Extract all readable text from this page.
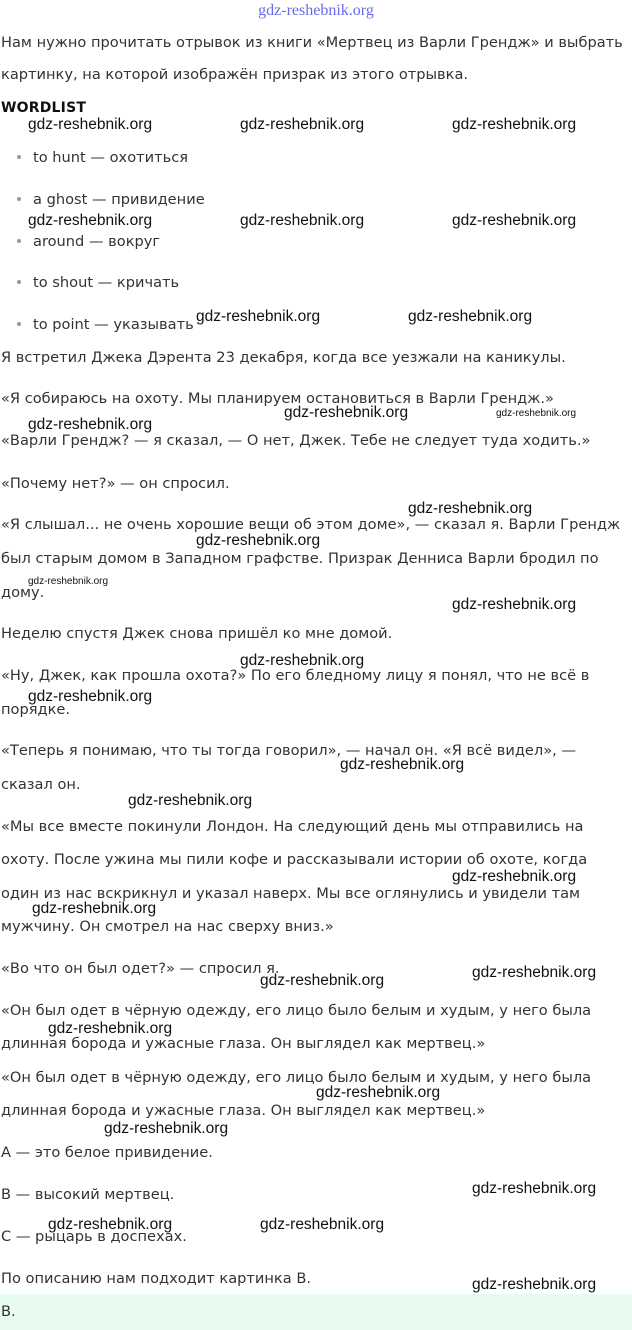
gdz-reshebnik.org
Нам нужно прочитать отрывок из книги «Мертвец из Варли Грендж» и выбрать
картинку, на которой изображён призрак из этого отрывка.
WORDLIST
to hunt — охотиться
a ghost — привидение
around — вокруг
to shout — кричать
to point — указывать
Я встретил Джека Дэрента 23 декабря, когда все уезжали на каникулы.
«Я собираюсь на охоту. Мы планируем остановиться в Варли Грендж.»
«Варли Грендж? — я сказал, — О нет, Джек. Тебе не следует туда ходить.»
«Почему нет?» — он спросил.
«Я слышал... не очень хорошие вещи об этом доме», — сказал я. Варли Грендж
был старым домом в Западном графстве. Призрак Денниса Варли бродил по
дому.
Неделю спустя Джек снова пришёл ко мне домой.
«Ну, Джек, как прошла охота?» По его бледному лицу я понял, что не всё в
порядке.
«Теперь я понимаю, что ты тогда говорил», — начал он. «Я всё видел», —
сказал он.
«Мы все вместе покинули Лондон. На следующий день мы отправились на
охоту. После ужина мы пили кофе и рассказывали истории об охоте, когда
один из нас вскрикнул и указал наверх. Мы все оглянулись и увидели там
мужчину. Он смотрел на нас сверху вниз.»
«Во что он был одет?» — спросил я.
«Он был одет в чёрную одежду, его лицо было белым и худым, у него была
длинная борода и ужасные глаза. Он выглядел как мертвец.»
«Он был одет в чёрную одежду, его лицо было белым и худым, у него была
длинная борода и ужасные глаза. Он выглядел как мертвец.»
A — это белое привидение.
B — высокий мертвец.
C — рыцарь в доспехах.
По описанию нам подходит картинка B.
B.
gdz-reshebnik.org	gdz-reshebnik.org	gdz-reshebnik.org
gdz-reshebnik.org	gdz-reshebnik.org	gdz-reshebnik.org
gdz-reshebnik.org	gdz-reshebnik.org
gdz-reshebnik.org
gdz-reshebnik.org	gdz-reshebnik.org
gdz-reshebnik.org
gdz-reshebnik.org
gdz-reshebnik.org
gdz-reshebnik.org
gdz-reshebnik.org
gdz-reshebnik.org
gdz-reshebnik.org
gdz-reshebnik.org
gdz-reshebnik.org
gdz-reshebnik.org
gdz-reshebnik.org
gdz-reshebnik.org
gdz-reshebnik.org
gdz-reshebnik.org
gdz-reshebnik.org
gdz-reshebnik.org
gdz-reshebnik.org	gdz-reshebnik.org
gdz-reshebnik.org
